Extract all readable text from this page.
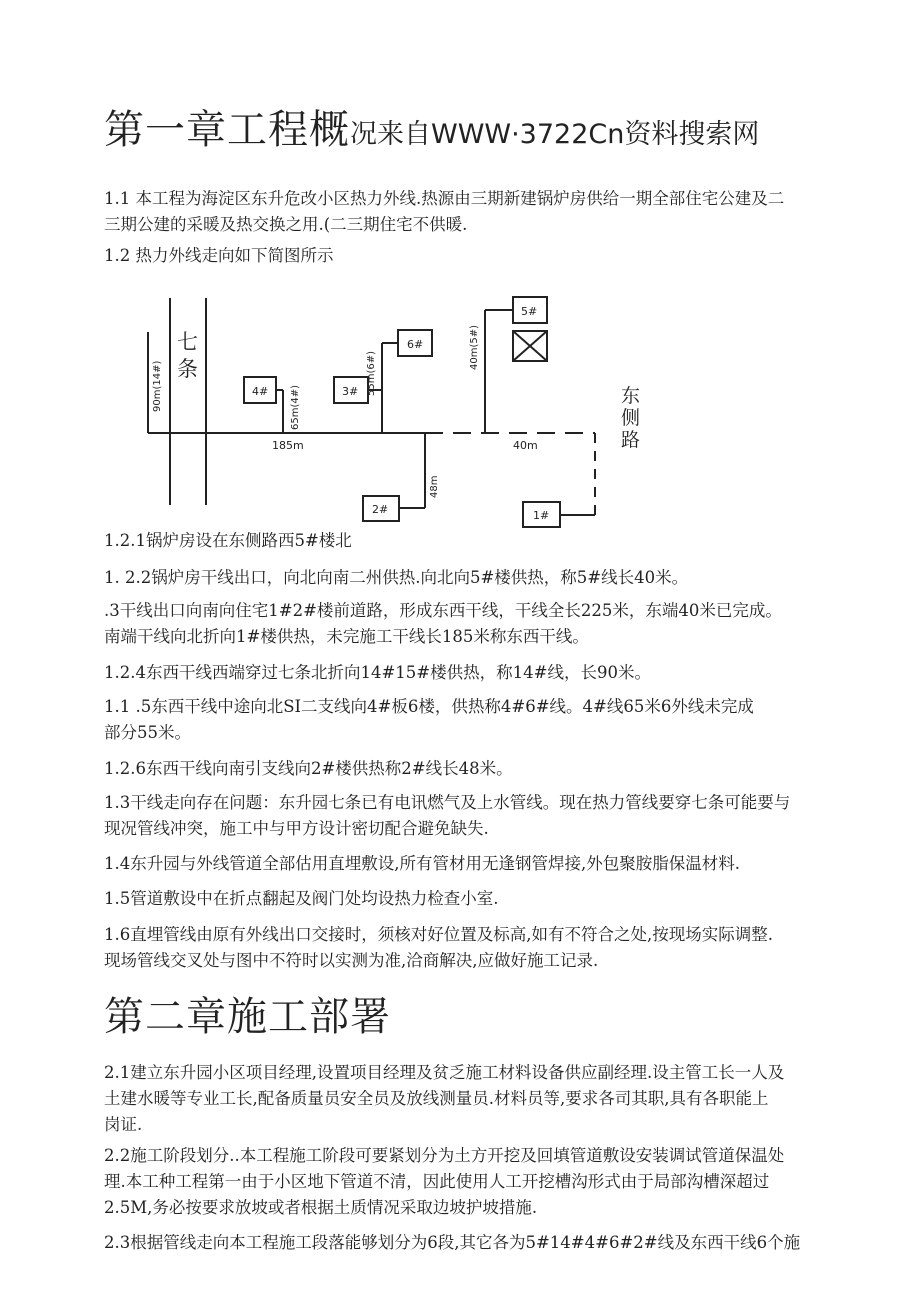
第一章工程概况来自WWW·3722Cn资料搜索网
1.1 本工程为海淀区东升危改小区热力外线.热源由三期新建锅炉房供给一期全部住宅公建及二
三期公建的采暖及热交换之用.(二三期住宅不供暖.
1.2 热力外线走向如下简图所示
七
条
东
侧
路
4#	3#
6#
5#
2#	1#
90m(14#)	65m(4#)
55m(6#)
40m(5#)
185m	40m
48m
1.2.1锅炉房设在东侧路西5#楼北
1. 2.2锅炉房干线出口，向北向南二州供热.向北向5#楼供热，称5#线长40米。
.3干线出口向南向住宅1#2#楼前道路，形成东西干线，干线全长225米，东端40米已完成。
南端干线向北折向1#楼供热，未完施工干线长185米称东西干线。
1.2.4东西干线西端穿过七条北折向14#15#楼供热，称14#线，长90米。
1.1 .5东西干线中途向北SI二支线向4#板6楼，供热称4#6#线。4#线65米6外线未完成
部分55米。
1.2.6东西干线向南引支线向2#楼供热称2#线长48米。
1.3干线走向存在问题：东升园七条已有电讯燃气及上水管线。现在热力管线要穿七条可能要与
现况管线冲突，施工中与甲方设计密切配合避免缺失.
1.4东升园与外线管道全部估用直埋敷设,所有管材用无逢钢管焊接,外包聚胺脂保温材料.
1.5管道敷设中在折点翻起及阀门处均设热力检查小室.
1.6直埋管线由原有外线出口交接时，须核对好位置及标高,如有不符合之处,按现场实际调整.
现场管线交叉处与图中不符时以实测为准,洽商解决,应做好施工记录.
第二章施工部署
2.1建立东升园小区项目经理,设置项目经理及贫乏施工材料设备供应副经理.设主管工长一人及
土建水暖等专业工长,配备质量员安全员及放线测量员.材料员等,要求各司其职,具有各职能上
岗证.
2.2施工阶段划分..本工程施工阶段可要紧划分为土方开挖及回填管道敷设安装调试管道保温处
理.本工种工程第一由于小区地下管道不清，因此使用人工开挖槽沟形式由于局部沟槽深超过
2.5M,务必按要求放坡或者根据土质情况采取边坡护坡措施.
2.3根据管线走向本工程施工段落能够划分为6段,其它各为5#14#4#6#2#线及东西干线6个施
